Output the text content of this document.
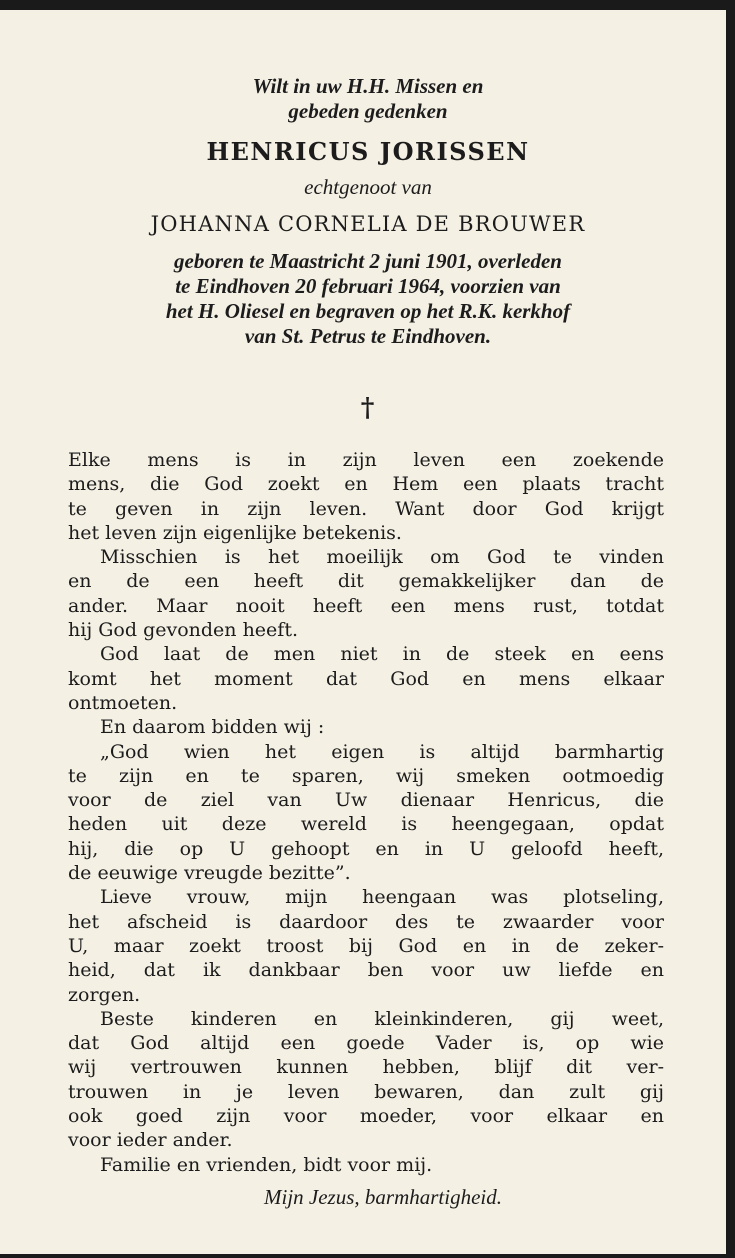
Wilt in uw H.H. Missen en
gebeden gedenken
HENRICUS JORISSEN
echtgenoot van
JOHANNA CORNELIA DE BROUWER
geboren te Maastricht 2 juni 1901, overleden
te Eindhoven 20 februari 1964, voorzien van
het H. Oliesel en begraven op het R.K. kerkhof
van St. Petrus te Eindhoven.
†
Elke mens is in zijn leven een zoekende
mens, die God zoekt en Hem een plaats tracht
te geven in zijn leven. Want door God krijgt
het leven zijn eigenlijke betekenis.
Misschien is het moeilijk om God te vinden
en de een heeft dit gemakkelijker dan de
ander. Maar nooit heeft een mens rust, totdat
hij God gevonden heeft.
God laat de men niet in de steek en eens
komt het moment dat God en mens elkaar
ontmoeten.
En daarom bidden wij :
„God wien het eigen is altijd barmhartig
te zijn en te sparen, wij smeken ootmoedig
voor de ziel van Uw dienaar Henricus, die
heden uit deze wereld is heengegaan, opdat
hij, die op U gehoopt en in U geloofd heeft,
de eeuwige vreugde bezitte”.
Lieve vrouw, mijn heengaan was plotseling,
het afscheid is daardoor des te zwaarder voor
U, maar zoekt troost bij God en in de zeker-
heid, dat ik dankbaar ben voor uw liefde en
zorgen.
Beste kinderen en kleinkinderen, gij weet,
dat God altijd een goede Vader is, op wie
wij vertrouwen kunnen hebben, blijf dit ver-
trouwen in je leven bewaren, dan zult gij
ook goed zijn voor moeder, voor elkaar en
voor ieder ander.
Familie en vrienden, bidt voor mij.
Mijn Jezus, barmhartigheid.
